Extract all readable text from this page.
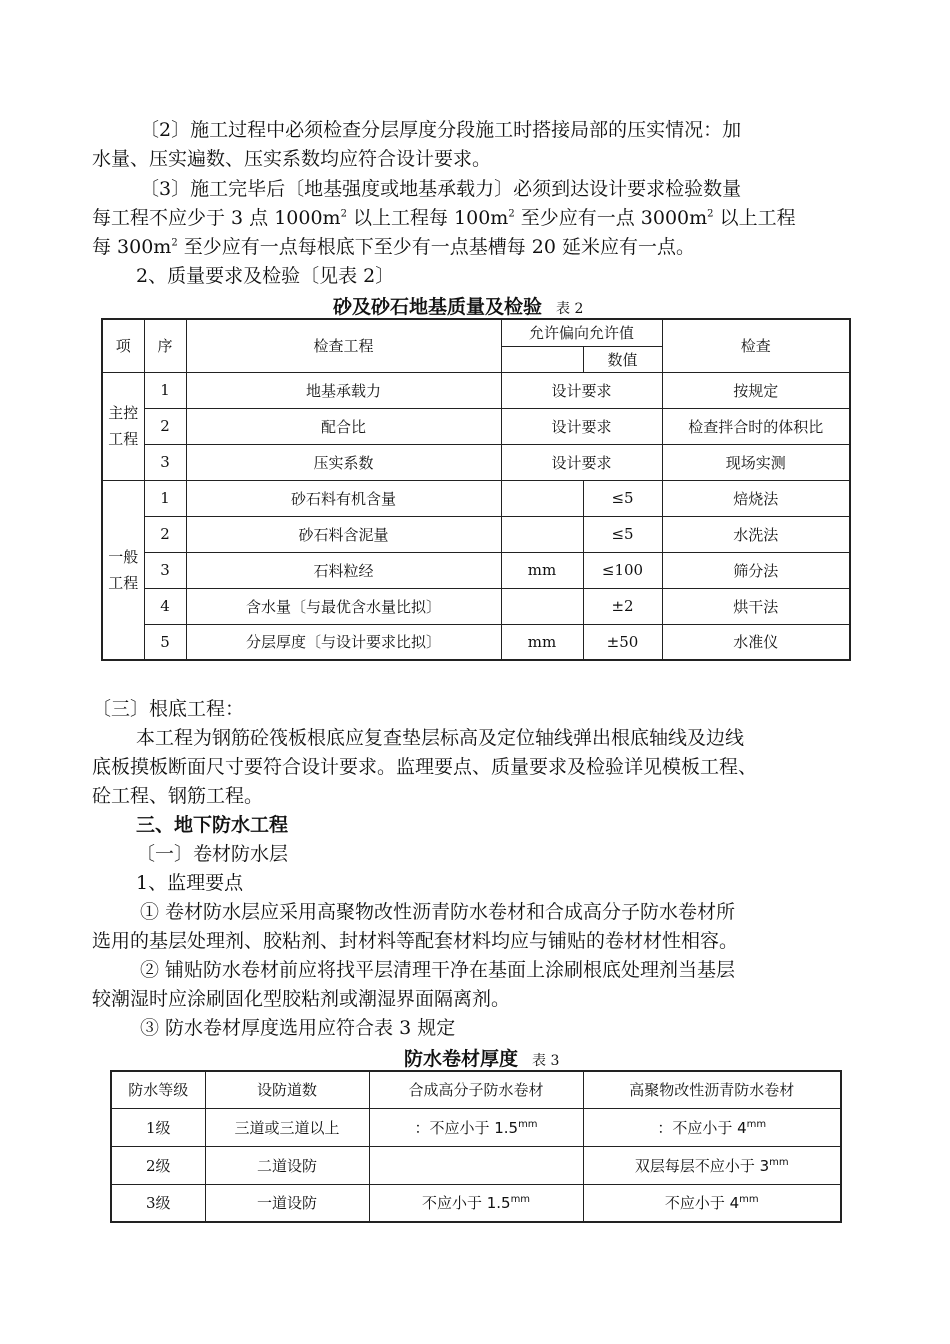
〔2〕施工过程中必须检查分层厚度分段施工时搭接局部的压实情况：加
水量、压实遍数、压实系数均应符合设计要求。
〔3〕施工完毕后〔地基强度或地基承载力〕必须到达设计要求检验数量
每工程不应少于 3 点 $1000m^2$ 以上工程每 $100m^2$ 至少应有一点 $3000m^2$ 以上工程
每 $300m^2$ 至少应有一点每根底下至少有一点基槽每 20 延米应有一点。
2、质量要求及检验〔见表 2〕
砂及砂石地基质量及检验 表 2
项	序	检查工程	允许偏向允许值		检查
				数值	
主控工程	1	地基承载力	设计要求		按规定
	2	配合比	设计要求		检查拌合时的体积比
	3	压实系数	设计要求		现场实测
一般工程	1	砂石料有机含量		≤5	焙烧法
	2	砂石料含泥量		≤5	水洗法
	3	石料粒经	mm	≤100	筛分法
	4	含水量〔与最优含水量比拟〕		±2	烘干法
	5	分层厚度〔与设计要求比拟〕	mm	±50	水准仪
〔三〕根底工程：
本工程为钢筋砼筏板根底应复查垫层标高及定位轴线弹出根底轴线及边线
底板摸板断面尺寸要符合设计要求。监理要点、质量要求及检验详见模板工程、
砼工程、钢筋工程。
三、地下防水工程
〔一〕卷材防水层
1、监理要点
① 卷材防水层应采用高聚物改性沥青防水卷材和合成高分子防水卷材所
选用的基层处理剂、胶粘剂、封材料等配套材料均应与铺贴的卷材材性相容。
② 铺贴防水卷材前应将找平层清理干净在基面上涂刷根底处理剂当基层
较潮湿时应涂刷固化型胶粘剂或潮湿界面隔离剂。
③ 防水卷材厚度选用应符合表 3 规定
防水卷材厚度 表 3
防水等级	设防道数	合成高分子防水卷材	高聚物改性沥青防水卷材
1级	三道或三道以上	：不应小于 $1.5^{mm}$	：不应小于 $4^{mm}$
2级	二道设防		双层每层不应小于 $3^{mm}$
3级	一道设防	不应小于 $1.5^{mm}$	不应小于 $4^{mm}$
